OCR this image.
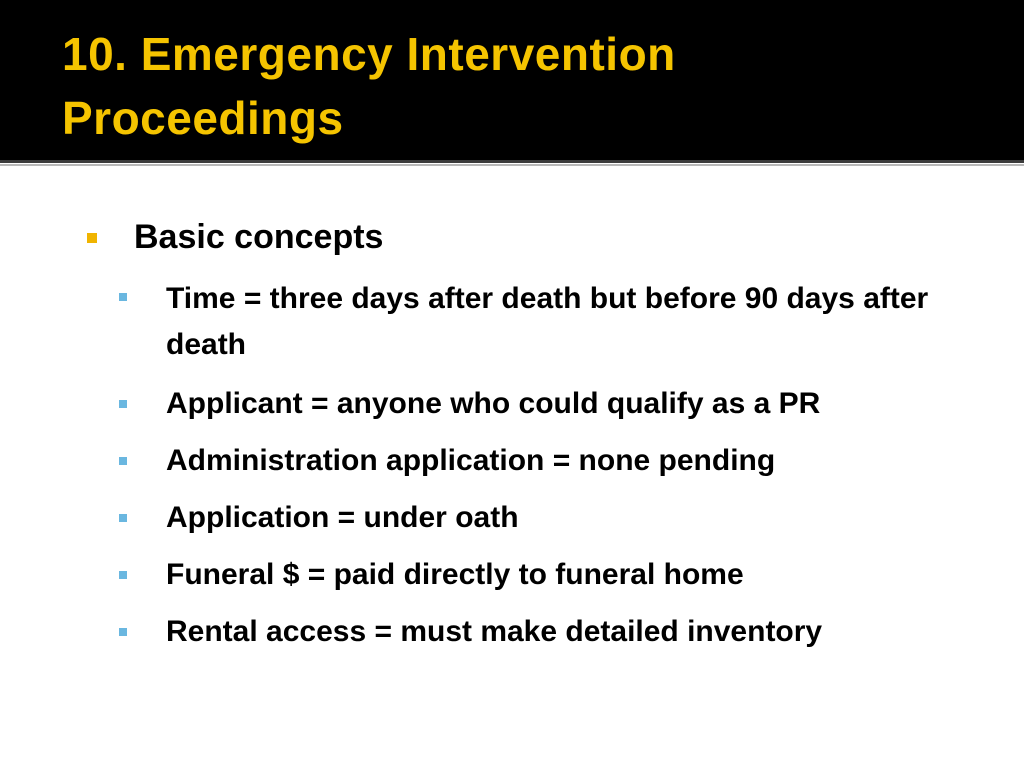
10. Emergency Intervention
Proceedings
Basic concepts
Time = three days after death but before 90 days after death
Applicant = anyone who could qualify as a PR
Administration application = none pending
Application = under oath
Funeral $ = paid directly to funeral home
Rental access = must make detailed inventory
